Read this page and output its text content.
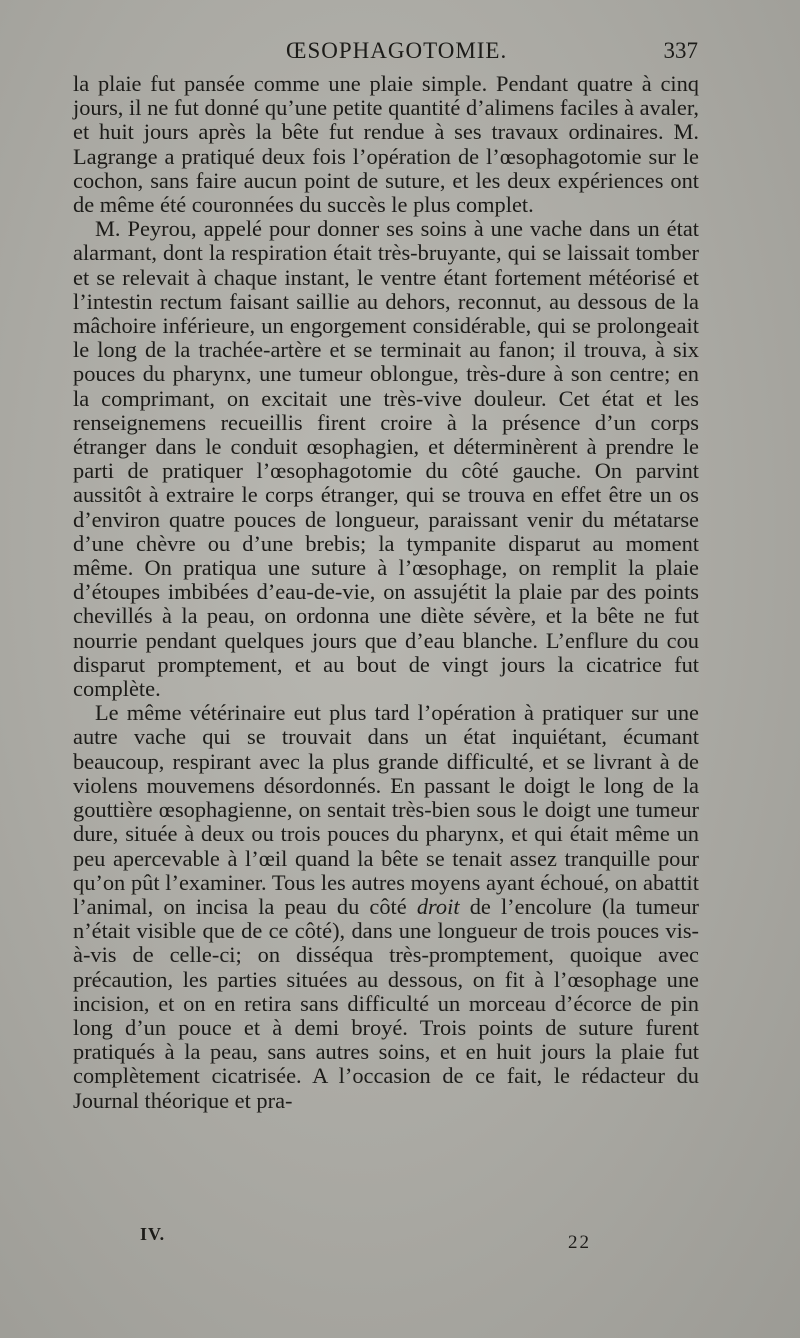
ŒSOPHAGOTOMIE.	337

la plaie fut pansée comme une plaie simple. Pendant quatre à cinq jours, il ne fut donné qu’une petite quantité d’alimens faciles à avaler, et huit jours après la bête fut rendue à ses travaux ordinaires. M. Lagrange a pratiqué deux fois l’opération de l’œsophagotomie sur le cochon, sans faire aucun point de suture, et les deux expériences ont de même été couronnées du succès le plus complet.

M. Peyrou, appelé pour donner ses soins à une vache dans un état alarmant, dont la respiration était très-bruyante, qui se laissait tomber et se relevait à chaque instant, le ventre étant fortement météorisé et l’intestin rectum faisant saillie au dehors, reconnut, au dessous de la mâchoire inférieure, un engorgement considérable, qui se prolongeait le long de la trachée-artère et se terminait au fanon; il trouva, à six pouces du pharynx, une tumeur oblongue, très-dure à son centre; en la comprimant, on excitait une très-vive douleur. Cet état et les renseignemens recueillis firent croire à la présence d’un corps étranger dans le conduit œsophagien, et déterminèrent à prendre le parti de pratiquer l’œsophagotomie du côté gauche. On parvint aussitôt à extraire le corps étranger, qui se trouva en effet être un os d’environ quatre pouces de longueur, paraissant venir du métatarse d’une chèvre ou d’une brebis; la tympanite disparut au moment même. On pratiqua une suture à l’œsophage, on remplit la plaie d’étoupes imbibées d’eau-de-vie, on assujétit la plaie par des points chevillés à la peau, on ordonna une diète sévère, et la bête ne fut nourrie pendant quelques jours que d’eau blanche. L’enflure du cou disparut promptement, et au bout de vingt jours la cicatrice fut complète.

Le même vétérinaire eut plus tard l’opération à pratiquer sur une autre vache qui se trouvait dans un état inquiétant, écumant beaucoup, respirant avec la plus grande difficulté, et se livrant à de violens mouvemens désordonnés. En passant le doigt le long de la gouttière œsophagienne, on sentait très-bien sous le doigt une tumeur dure, située à deux ou trois pouces du pharynx, et qui était même un peu apercevable à l’œil quand la bête se tenait assez tranquille pour qu’on pût l’examiner. Tous les autres moyens ayant échoué, on abattit l’animal, on incisa la peau du côté droit de l’encolure (la tumeur n’était visible que de ce côté), dans une longueur de trois pouces vis-à-vis de celle-ci; on disséqua très-promptement, quoique avec précaution, les parties situées au dessous, on fit à l’œsophage une incision, et on en retira sans difficulté un morceau d’écorce de pin long d’un pouce et à demi broyé. Trois points de suture furent pratiqués à la peau, sans autres soins, et en huit jours la plaie fut complètement cicatrisée. A l’occasion de ce fait, le rédacteur du Journal théorique et pra-

IV.	22
